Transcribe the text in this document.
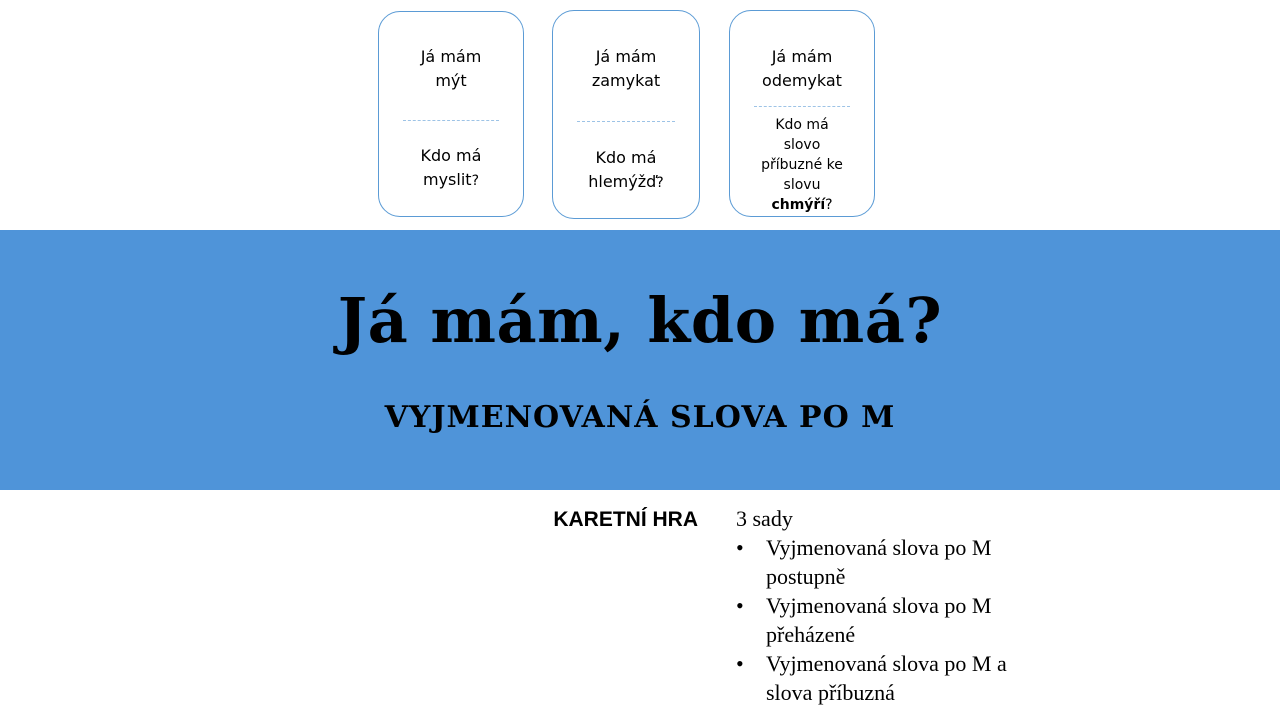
Já mám
mýt
Kdo má
myslit?
Já mám
zamykat
Kdo má
hlemýžď?
Já mám
odemykat
Kdo má
slovo
příbuzné ke
slovu
chmýří?
Já mám, kdo má?
VYJMENOVANÁ SLOVA PO M
KARETNÍ HRA 3 sady
• Vyjmenovaná slova po M
postupně
• Vyjmenovaná slova po M
přeházené
• Vyjmenovaná slova po M a
slova příbuzná
